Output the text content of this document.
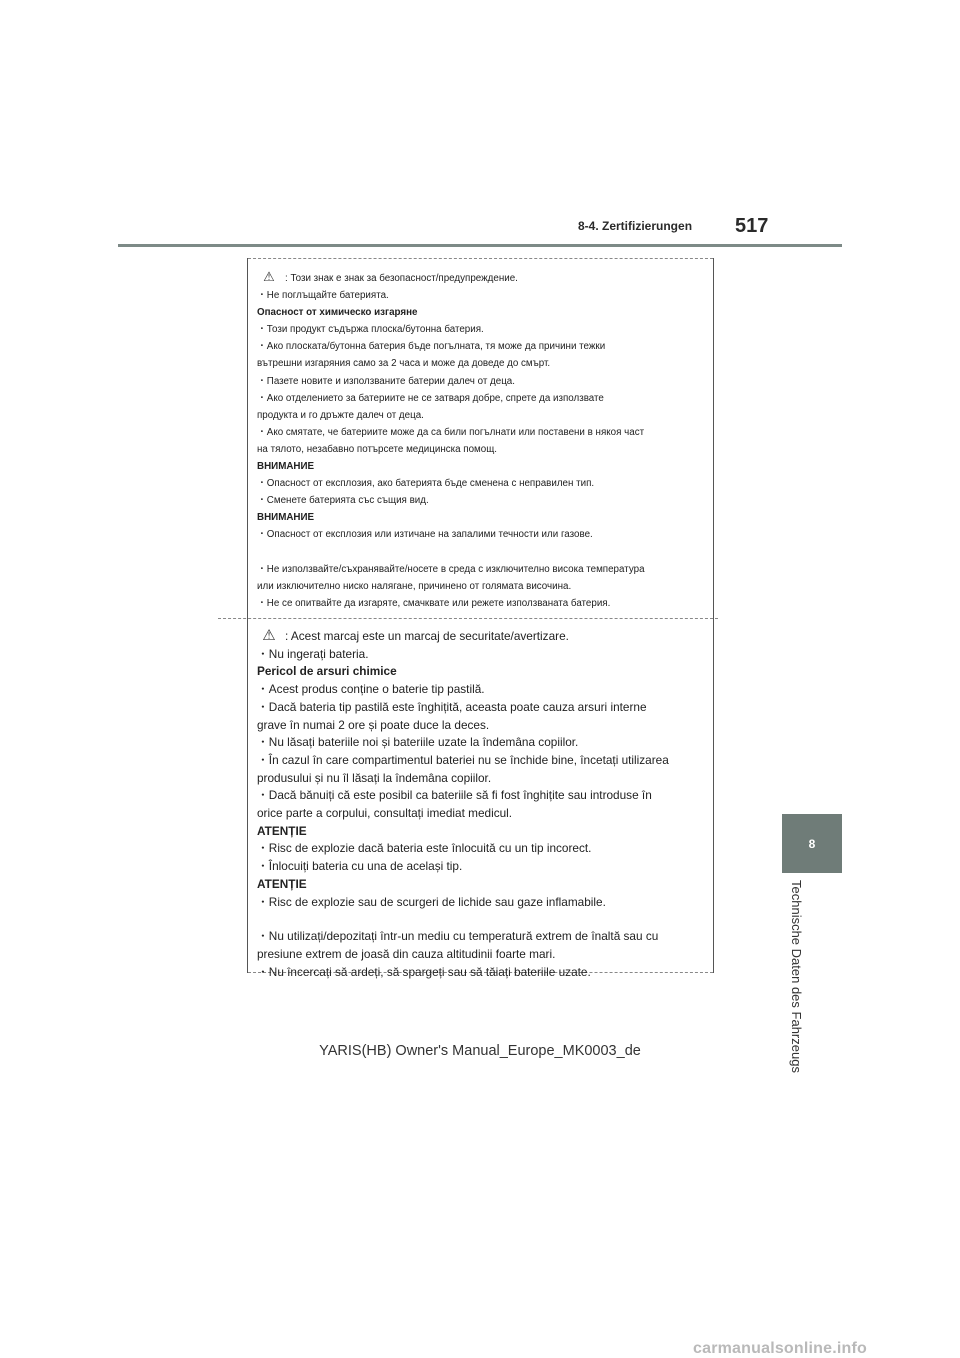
8-4. Zertifizierungen 517
8
Technische Daten des Fahrzeugs
⚠ : Този знак е знак за безопасност/предупреждение.
・Не поглъщайте батерията.
Опасност от химическо изгаряне
・Този продукт съдържа плоска/бутонна батерия.
・Ако плоската/бутонна батерия бъде погълната, тя може да причини тежки
вътрешни изгаряния само за 2 часа и може да доведе до смърт.
・Пазете новите и използваните батерии далеч от деца.
・Ако отделението за батериите не се затваря добре, спрете да използвате
продукта и го дръжте далеч от деца.
・Ако смятате, че батериите може да са били погълнати или поставени в някоя част
на тялото, незабавно потърсете медицинска помощ.
ВНИМАНИЕ
・Опасност от експлозия, ако батерията бъде сменена с неправилен тип.
・Сменете батерията със същия вид.
ВНИМАНИЕ
・Опасност от експлозия или изтичане на запалими течности или газове.
・Не използвайте/съхранявайте/носете в среда с изключително висока температура
или изключително ниско налягане, причинено от голямата височина.
・Не се опитвайте да изгаряте, смачквате или режете използваната батерия.
⚠ : Acest marcaj este un marcaj de securitate/avertizare.
・Nu ingerați bateria.
Pericol de arsuri chimice
・Acest produs conține o baterie tip pastilă.
・Dacă bateria tip pastilă este înghițită, aceasta poate cauza arsuri interne
grave în numai 2 ore și poate duce la deces.
・Nu lăsați bateriile noi și bateriile uzate la îndemâna copiilor.
・În cazul în care compartimentul bateriei nu se închide bine, încetați utilizarea
produsului și nu îl lăsați la îndemâna copiilor.
・Dacă bănuiți că este posibil ca bateriile să fi fost înghițite sau introduse în
orice parte a corpului, consultați imediat medicul.
ATENȚIE
・Risc de explozie dacă bateria este înlocuită cu un tip incorect.
・Înlocuiți bateria cu una de același tip.
ATENȚIE
・Risc de explozie sau de scurgeri de lichide sau gaze inflamabile.
・Nu utilizați/depozitați într-un mediu cu temperatură extrem de înaltă sau cu
presiune extrem de joasă din cauza altitudinii foarte mari.
・Nu încercați să ardeți, să spargeți sau să tăiați bateriile uzate.
YARIS(HB) Owner's Manual_Europe_MK0003_de
carmanualsonline.info
